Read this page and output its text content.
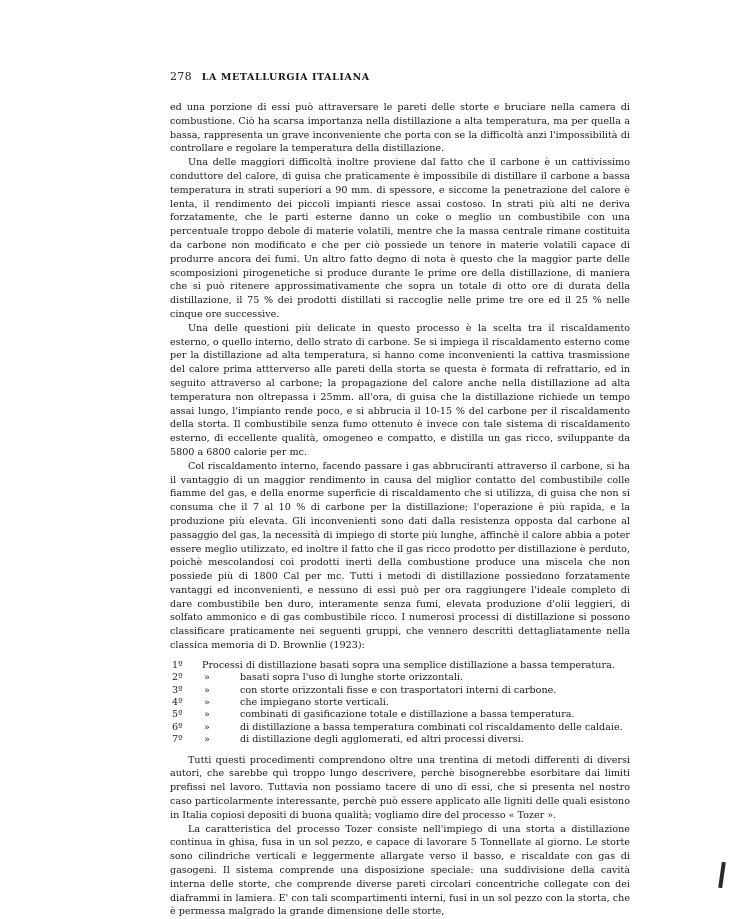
278 LA METALLURGIA ITALIANA

ed una porzione di essi può attraversare le pareti delle storte e bruciare nella camera di combustione. Ciò ha scarsa importanza nella distillazione a alta temperatura, ma per quella a bassa, rappresenta un grave inconveniente che porta con se la difficoltà anzi l'impossibilità di controllare e regolare la temperatura della distillazione.

Una delle maggiori difficoltà inoltre proviene dal fatto che il carbone è un cattivissimo conduttore del calore, di guisa che praticamente è impossibile di distillare il carbone a bassa temperatura in strati superiori a 90 mm. di spessore, e siccome la penetrazione del calore è lenta, il rendimento dei piccoli impianti riesce assai costoso. In strati più alti ne deriva forzatamente, che le parti esterne danno un coke o meglio un combustibile con una percentuale troppo debole di materie volatili, mentre che la massa centrale rimane costituita da carbone non modificato e che per ciò possiede un tenore in materie volatili capace di produrre ancora dei fumi. Un altro fatto degno di nota è questo che la maggior parte delle scomposizioni pirogenetiche si produce durante le prime ore della distillazione, di maniera che si può ritenere approssimativamente che sopra un totale di otto ore di durata della distillazione, il 75 % dei prodotti distillati si raccoglie nelle prime tre ore ed il 25 % nelle cinque ore successive.

Una delle questioni più delicate in questo processo è la scelta tra il riscaldamento esterno, o quello interno, dello strato di carbone. Se si impiega il riscaldamento esterno come per la distillazione ad alta temperatura, si hanno come inconvenienti la cattiva trasmissione del calore prima attterverso alle pareti della storta se questa è formata di refrattario, ed in seguito attraverso al carbone; la propagazione del calore anche nella distillazione ad alta temperatura non oltrepassa i 25mm. all'ora, di guisa che la distillazione richiede un tempo assai lungo, l'impianto rende poco, e si abbrucia il 10-15 % del carbone per il riscaldamento della storta. Il combustibile senza fumo ottenuto è invece con tale sistema di riscaldamento esterno, di eccellente qualità, omogeneo e compatto, e distilla un gas ricco, sviluppante da 5800 a 6800 calorie per mc.

Col riscaldamento interno, facendo passare i gas abbruciranti attraverso il carbone, si ha il vantaggio di un maggior rendimento in causa del miglior contatto del combustibile colle fiamme del gas, e della enorme superficie di riscaldamento che si utilizza, di guisa che non si consuma che il 7 al 10 % di carbone per la distillazione; l'operazione è più rapida, e la produzione più elevata. Gli inconvenienti sono dati dalla resistenza opposta dal carbone al passaggio del gas, la necessità di impiego di storte più lunghe, affinchè il calore abbia a poter essere meglio utilizzato, ed inoltre il fatto che il gas ricco prodotto per distillazione è perduto, poichè mescolandosi coi prodotti inerti della combustione produce una miscela che non possiede più di 1800 Cal per mc. Tutti i metodi di distillazione possiedono forzatamente vantaggi ed inconvenienti, e nessuno di essi può per ora raggiungere l'ideale completo di dare combustibile ben duro, interamente senza fumi, elevata produzione d'olii leggieri, di solfato ammonico e di gas combustibile ricco. I numerosi processi di distillazione si possono classificare praticamente nei seguenti gruppi, che vennero descritti dettagliatamente nella classica memoria di D. Brownlie (1923):

1º	Processi di distillazione basati sopra una semplice distillazione a bassa temperatura.
2º	»	basati sopra l'uso di lunghe storte orizzontali.
3º	»	con storte orizzontali fisse e con trasportatori interni di carbone.
4º	»	che impiegano storte verticali.
5º	»	combinati di gasificazione totale e distillazione a bassa temperatura.
6º	»	di distillazione a bassa temperatura combinati col riscaldamento delle caldaie.
7º	»	di distillazione degli agglomerati, ed altri processi diversi.

Tutti questi procedimenti comprendono oltre una trentina di metodi differenti di diversi autori, che sarebbe quì troppo lungo descrivere, perchè bisognerebbe esorbitare dai limiti prefissi nel lavoro. Tuttavia non possiamo tacere di uno di essi, che si presenta nel nostro caso particolarmente interessante, perchè può essere applicato alle ligniti delle quali esistono in Italia copiosi depositi di buona qualità; vogliamo dire del processo « Tozer ».

La caratteristica del processo Tozer consiste nell'impiego di una storta a distillazione continua in ghisa, fusa in un sol pezzo, e capace di lavorare 5 Tonnellate al giorno. Le storte sono cilindriche verticali e leggermente allargate verso il basso, e riscaldate con gas di gasogeni. Il sistema comprende una disposizione speciale: una suddivisione della cavità interna delle storte, che comprende diverse pareti circolari concentriche collegate con dei diaframmi in lamiera. E' con tali scompartimenti interni, fusi in un sol pezzo con la storta, che è permessa malgrado la grande dimensione delle storte,
